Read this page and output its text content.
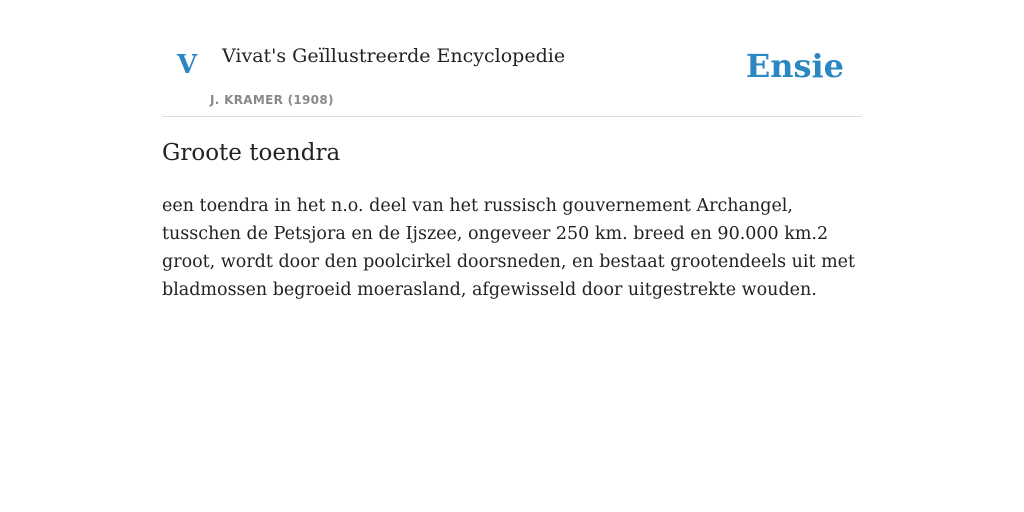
V Vivat's Geïllustreerde Encyclopedie
J. KRAMER (1908)
Ensie
Groote toendra

een toendra in het n.o. deel van het russisch gouvernement Archangel, tusschen de Petsjora en de Ijszee, ongeveer 250 km. breed en 90.000 km.2 groot, wordt door den poolcirkel doorsneden, en bestaat grootendeels uit met bladmossen begroeid moerasland, afgewisseld door uitgestrekte wouden.
